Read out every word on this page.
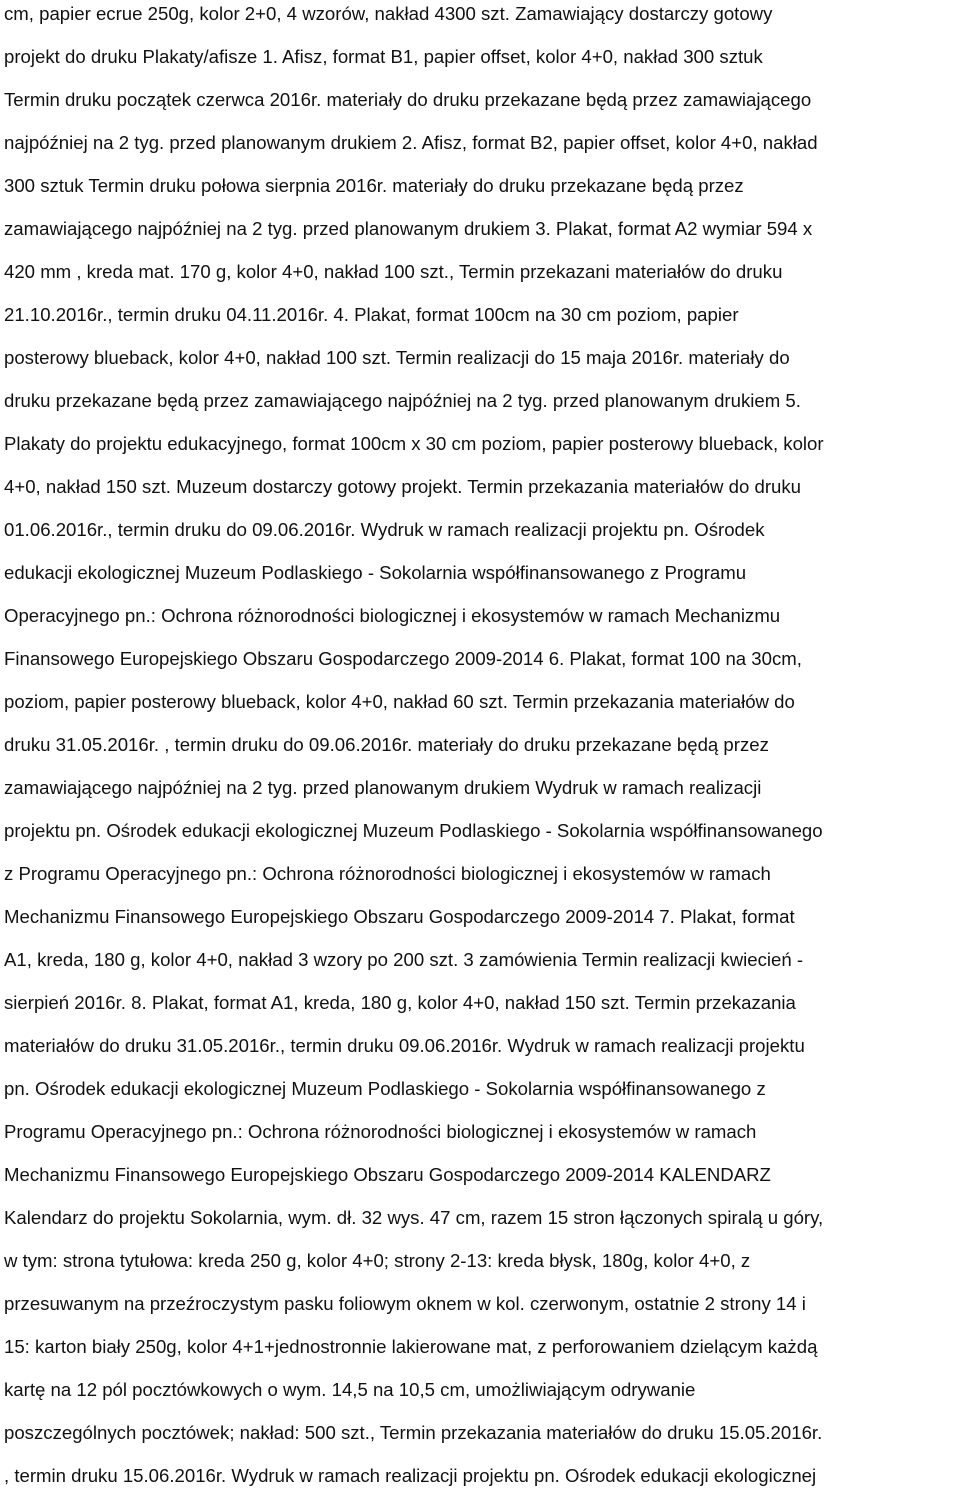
cm, papier ecrue 250g, kolor 2+0, 4 wzorów, nakład 4300 szt. Zamawiający dostarczy gotowy
projekt do druku Plakaty/afisze 1. Afisz, format B1, papier offset, kolor 4+0, nakład 300 sztuk
Termin druku początek czerwca 2016r. materiały do druku przekazane będą przez zamawiającego
najpóźniej na 2 tyg. przed planowanym drukiem 2. Afisz, format B2, papier offset, kolor 4+0, nakład
300 sztuk Termin druku połowa sierpnia 2016r. materiały do druku przekazane będą przez
zamawiającego najpóźniej na 2 tyg. przed planowanym drukiem 3. Plakat, format A2 wymiar 594 x
420 mm , kreda mat. 170 g, kolor 4+0, nakład 100 szt., Termin przekazani materiałów do druku
21.10.2016r., termin druku 04.11.2016r. 4. Plakat, format 100cm na 30 cm poziom, papier
posterowy blueback, kolor 4+0, nakład 100 szt. Termin realizacji do 15 maja 2016r. materiały do
druku przekazane będą przez zamawiającego najpóźniej na 2 tyg. przed planowanym drukiem 5.
Plakaty do projektu edukacyjnego, format 100cm x 30 cm poziom, papier posterowy blueback, kolor
4+0, nakład 150 szt. Muzeum dostarczy gotowy projekt. Termin przekazania materiałów do druku
01.06.2016r., termin druku do 09.06.2016r. Wydruk w ramach realizacji projektu pn. Ośrodek
edukacji ekologicznej Muzeum Podlaskiego - Sokolarnia współfinansowanego z Programu
Operacyjnego pn.: Ochrona różnorodności biologicznej i ekosystemów w ramach Mechanizmu
Finansowego Europejskiego Obszaru Gospodarczego 2009-2014 6. Plakat, format 100 na 30cm,
poziom, papier posterowy blueback, kolor 4+0, nakład 60 szt. Termin przekazania materiałów do
druku 31.05.2016r. , termin druku do 09.06.2016r. materiały do druku przekazane będą przez
zamawiającego najpóźniej na 2 tyg. przed planowanym drukiem Wydruk w ramach realizacji
projektu pn. Ośrodek edukacji ekologicznej Muzeum Podlaskiego - Sokolarnia współfinansowanego
z Programu Operacyjnego pn.: Ochrona różnorodności biologicznej i ekosystemów w ramach
Mechanizmu Finansowego Europejskiego Obszaru Gospodarczego 2009-2014 7. Plakat, format
A1, kreda, 180 g, kolor 4+0, nakład 3 wzory po 200 szt. 3 zamówienia Termin realizacji kwiecień -
sierpień 2016r. 8. Plakat, format A1, kreda, 180 g, kolor 4+0, nakład 150 szt. Termin przekazania
materiałów do druku 31.05.2016r., termin druku 09.06.2016r. Wydruk w ramach realizacji projektu
pn. Ośrodek edukacji ekologicznej Muzeum Podlaskiego - Sokolarnia współfinansowanego z
Programu Operacyjnego pn.: Ochrona różnorodności biologicznej i ekosystemów w ramach
Mechanizmu Finansowego Europejskiego Obszaru Gospodarczego 2009-2014 KALENDARZ
Kalendarz do projektu Sokolarnia, wym. dł. 32 wys. 47 cm, razem 15 stron łączonych spiralą u góry,
w tym: strona tytułowa: kreda 250 g, kolor 4+0; strony 2-13: kreda błysk, 180g, kolor 4+0, z
przesuwanym na przeźroczystym pasku foliowym oknem w kol. czerwonym, ostatnie 2 strony 14 i
15: karton biały 250g, kolor 4+1+jednostronnie lakierowane mat, z perforowaniem dzielącym każdą
kartę na 12 pól pocztówkowych o wym. 14,5 na 10,5 cm, umożliwiającym odrywanie
poszczególnych pocztówek; nakład: 500 szt., Termin przekazania materiałów do druku 15.05.2016r.
, termin druku 15.06.2016r. Wydruk w ramach realizacji projektu pn. Ośrodek edukacji ekologicznej
